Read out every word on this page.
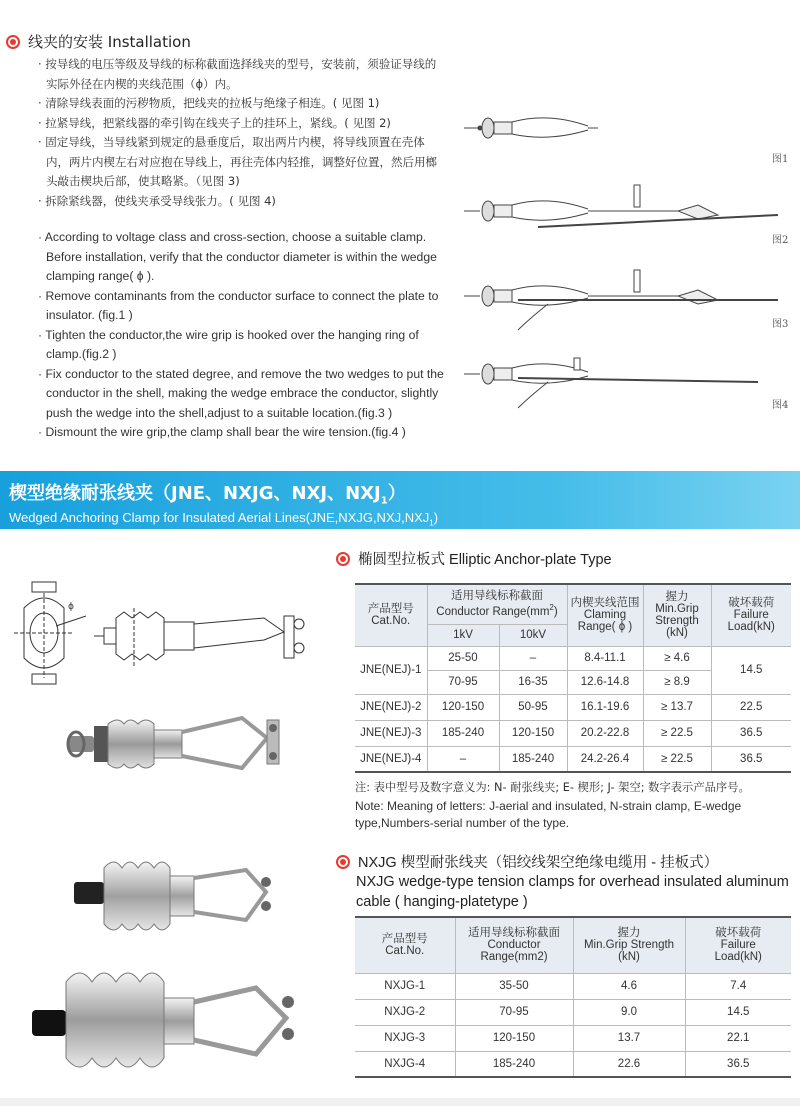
线夹的安装 Installation
· 按导线的电压等级及导线的标称截面选择线夹的型号，安装前，须验证导线的实际外径在内楔的夹线范围（ϕ）内。
· 清除导线表面的污秽物质，把线夹的拉板与绝缘子相连。( 见图 1)
· 拉紧导线，把紧线器的牵引钩在线夹子上的挂环上，紧线。( 见图 2)
· 固定导线，当导线紧到规定的悬垂度后，取出两片内楔，将导线顶置在壳体内，两片内楔左右对应抱在导线上，再往壳体内轻推，调整好位置，然后用榔头敲击楔块后部，使其略紧。（见图 3)
· 拆除紧线器，使线夹承受导线张力。( 见图 4)
· According to voltage class and cross-section, choose a suitable clamp. Before installation, verify that the conductor diameter is within the wedge clamping range( ϕ ).
· Remove contaminants from the conductor surface to connect the plate to insulator. (fig.1 )
· Tighten the conductor,the wire grip is hooked over the hanging ring of clamp.(fig.2 )
· Fix conductor to the stated degree, and remove the two wedges to put the conductor in the shell, making the wedge embrace the conductor, slightly push the wedge into the shell,adjust to a suitable location.(fig.3 )
· Dismount the wire grip,the clamp shall bear the wire tension.(fig.4 )
图1
图2
图3
图4
楔型绝缘耐张线夹（JNE、NXJG、NXJ、$NXJ_1$）
Wedged Anchoring Clamp for Insulated Aerial $Lines(JNE,NXJG,NXJ,NXJ_1)$
ϕ
椭圆型拉板式 Elliptic Anchor-plate Type
产品型号
Cat.No.	适用导线标称截面
Conductor $Range(mm^2)$		内楔夹线范围
Claming
Range( ϕ )	握力
Min.Grip
Strength
(kN)	破坏载荷
Failure
Load(kN)
	1kV	10kV			
JNE(NEJ)-1	25-50	–	8.4-11.1	≥ 4.6	14.5
	70-95	16-35	12.6-14.8	≥ 8.9	
JNE(NEJ)-2	120-150	50-95	16.1-19.6	≥ 13.7	22.5
JNE(NEJ)-3	185-240	120-150	20.2-22.8	≥ 22.5	36.5
JNE(NEJ)-4	–	185-240	24.2-26.4	≥ 22.5	36.5
注: 表中型号及数字意义为: N- 耐张线夹; E- 楔形; J- 架空; 数字表示产品序号。
Note: Meaning of letters: J-aerial and insulated, N-strain clamp, E-wedge type,Numbers-serial number of the type.
NXJG 楔型耐张线夹（铝绞线架空绝缘电缆用 - 挂板式）
NXJG wedge-type tension clamps for overhead insulated aluminum cable ( hanging-platetype )
产品型号
Cat.No.	适用导线标称截面
Conductor
Range(mm2)	握力
Min.Grip Strength
(kN)	破坏载荷
Failure
Load(kN)
NXJG-1	35-50	4.6	7.4
NXJG-2	70-95	9.0	14.5
NXJG-3	120-150	13.7	22.1
NXJG-4	185-240	22.6	36.5
